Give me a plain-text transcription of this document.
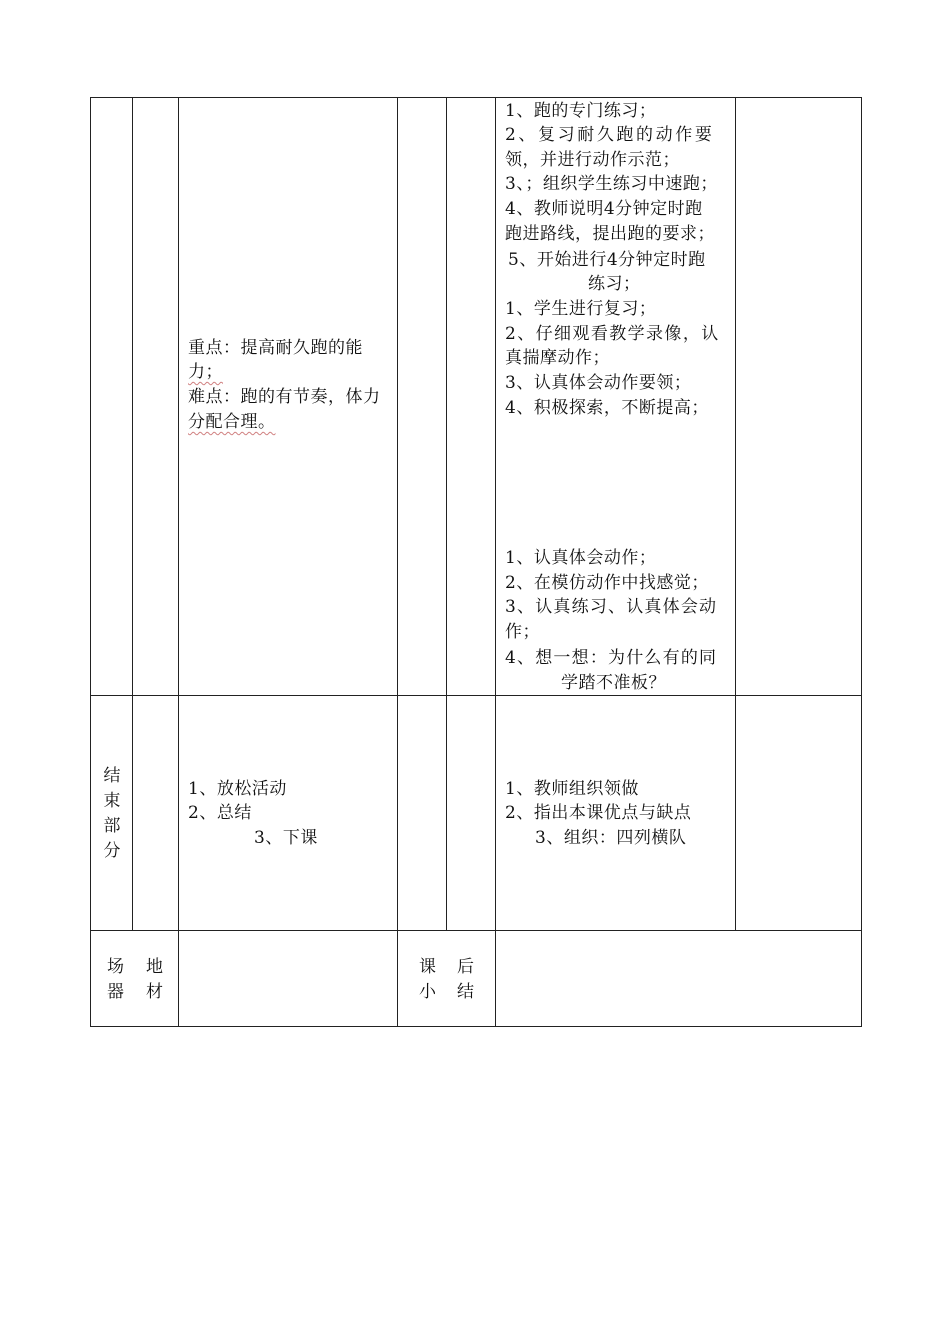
重点：提高耐久跑的能
力；
难点：跑的有节奏，体力
分配合理。
1、跑的专门练习；
2、复习耐久跑的动作要
领，并进行动作示范；
3、；组织学生练习中速跑；
4、教师说明4分钟定时跑
跑进路线，提出跑的要求；
5、开始进行4分钟定时跑
练习；
1、学生进行复习；
2、仔细观看教学录像，认
真揣摩动作；
3、认真体会动作要领；
4、积极探索，不断提高；
1、认真体会动作；
2、在模仿动作中找感觉；
3、认真练习、认真体会动
作；
4、想一想：为什么有的同
学踏不准板？
结
束
部
分
1、放松活动
2、总结
3、下课
1、教师组织领做
2、指出本课优点与缺点
3、组织：四列横队
场 地
器 材
课 后
小 结
